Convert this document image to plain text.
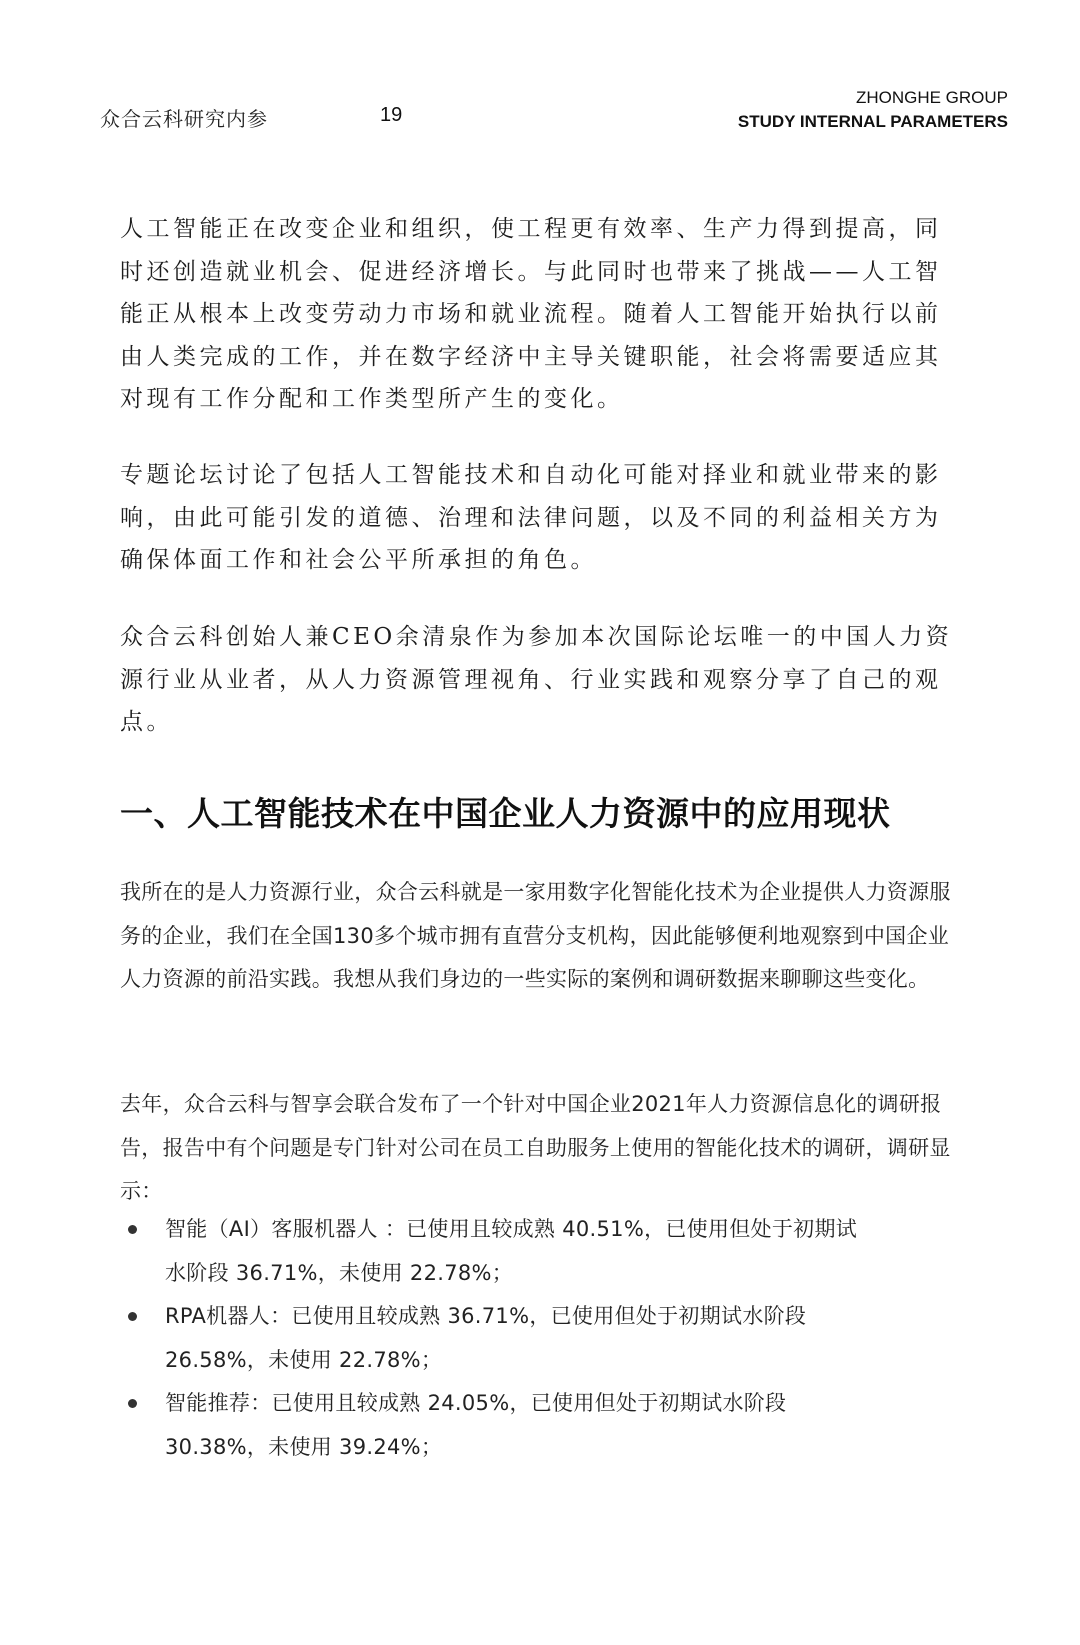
众合云科研究内参	19
ZHONGHE GROUP
STUDY INTERNAL PARAMETERS

人工智能正在改变企业和组织，使工程更有效率、生产力得到提高，同时还创造就业机会、促进经济增长。与此同时也带来了挑战——人工智能正从根本上改变劳动力市场和就业流程。随着人工智能开始执行以前由人类完成的工作，并在数字经济中主导关键职能，社会将需要适应其对现有工作分配和工作类型所产生的变化。

专题论坛讨论了包括人工智能技术和自动化可能对择业和就业带来的影响，由此可能引发的道德、治理和法律问题，以及不同的利益相关方为确保体面工作和社会公平所承担的角色。

众合云科创始人兼CEO余清泉作为参加本次国际论坛唯一的中国人力资源行业从业者，从人力资源管理视角、行业实践和观察分享了自己的观点。

一、人工智能技术在中国企业人力资源中的应用现状

我所在的是人力资源行业，众合云科就是一家用数字化智能化技术为企业提供人力资源服务的企业，我们在全国130多个城市拥有直营分支机构，因此能够便利地观察到中国企业人力资源的前沿实践。我想从我们身边的一些实际的案例和调研数据来聊聊这些变化。

去年，众合云科与智享会联合发布了一个针对中国企业2021年人力资源信息化的调研报告，报告中有个问题是专门针对公司在员工自助服务上使用的智能化技术的调研，调研显示：

智能（AI）客服机器人 ：已使用且较成熟 40.51%，已使用但处于初期试水阶段 36.71%，未使用 22.78%；
RPA机器人：已使用且较成熟 36.71%，已使用但处于初期试水阶段 26.58%，未使用 22.78%；
智能推荐：已使用且较成熟 24.05%，已使用但处于初期试水阶段 30.38%，未使用 39.24%；
